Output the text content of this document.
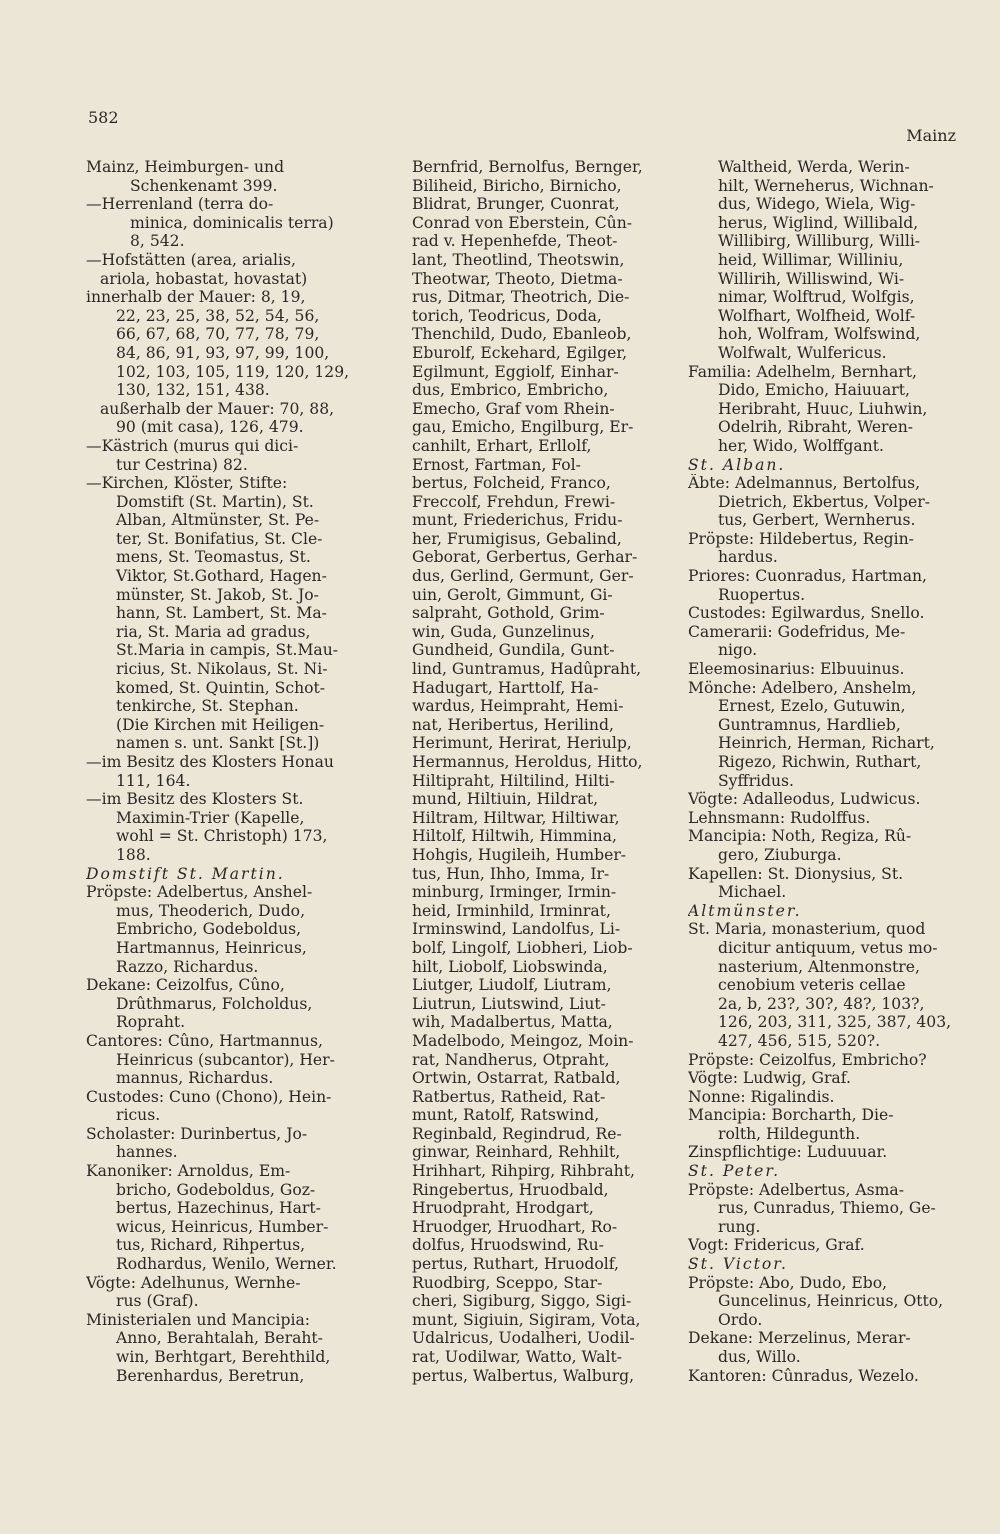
582
Mainz
Mainz, Heimburgen- und
Schenkenamt 399.
—Herrenland (terra do-
minica, dominicalis terra)
8, 542.
—Hofstätten (area, arialis,
ariola, hobastat, hovastat)
innerhalb der Mauer: 8, 19,
22, 23, 25, 38, 52, 54, 56,
66, 67, 68, 70, 77, 78, 79,
84, 86, 91, 93, 97, 99, 100,
102, 103, 105, 119, 120, 129,
130, 132, 151, 438.
außerhalb der Mauer: 70, 88,
90 (mit casa), 126, 479.
—Kästrich (murus qui dici-
tur Cestrina) 82.
—Kirchen, Klöster, Stifte:
Domstift (St. Martin), St.
Alban, Altmünster, St. Pe-
ter, St. Bonifatius, St. Cle-
mens, St. Teomastus, St.
Viktor, St.Gothard, Hagen-
münster, St. Jakob, St. Jo-
hann, St. Lambert, St. Ma-
ria, St. Maria ad gradus,
St.Maria in campis, St.Mau-
ricius, St. Nikolaus, St. Ni-
komed, St. Quintin, Schot-
tenkirche, St. Stephan.
(Die Kirchen mit Heiligen-
namen s. unt. Sankt [St.])
—im Besitz des Klosters Honau
111, 164.
—im Besitz des Klosters St.
Maximin-Trier (Kapelle,
wohl = St. Christoph) 173,
188.
Domstift St. Martin.
Pröpste: Adelbertus, Anshel-
mus, Theoderich, Dudo,
Embricho, Godeboldus,
Hartmannus, Heinricus,
Razzo, Richardus.
Dekane: Ceizolfus, Cûno,
Drûthmarus, Folcholdus,
Ropraht.
Cantores: Cûno, Hartmannus,
Heinricus (subcantor), Her-
mannus, Richardus.
Custodes: Cuno (Chono), Hein-
ricus.
Scholaster: Durinbertus, Jo-
hannes.
Kanoniker: Arnoldus, Em-
bricho, Godeboldus, Goz-
bertus, Hazechinus, Hart-
wicus, Heinricus, Humber-
tus, Richard, Rihpertus,
Rodhardus, Wenilo, Werner.
Vögte: Adelhunus, Wernhe-
rus (Graf).
Ministerialen und Mancipia:
Anno, Berahtalah, Beraht-
win, Berhtgart, Berehthild,
Berenhardus, Beretrun,
Bernfrid, Bernolfus, Bernger,
Biliheid, Biricho, Birnicho,
Blidrat, Brunger, Cuonrat,
Conrad von Eberstein, Cûn-
rad v. Hepenhefde, Theot-
lant, Theotlind, Theotswin,
Theotwar, Theoto, Dietma-
rus, Ditmar, Theotrich, Die-
torich, Teodricus, Doda,
Thenchild, Dudo, Ebanleob,
Eburolf, Eckehard, Egilger,
Egilmunt, Eggiolf, Einhar-
dus, Embrico, Embricho,
Emecho, Graf vom Rhein-
gau, Emicho, Engilburg, Er-
canhilt, Erhart, Erllolf,
Ernost, Fartman, Fol-
bertus, Folcheid, Franco,
Freccolf, Frehdun, Frewi-
munt, Friederichus, Fridu-
her, Frumigisus, Gebalind,
Geborat, Gerbertus, Gerhar-
dus, Gerlind, Germunt, Ger-
uin, Gerolt, Gimmunt, Gi-
salpraht, Gothold, Grim-
win, Guda, Gunzelinus,
Gundheid, Gundila, Gunt-
lind, Guntramus, Hadûpraht,
Hadugart, Harttolf, Ha-
wardus, Heimpraht, Hemi-
nat, Heribertus, Herilind,
Herimunt, Herirat, Heriulp,
Hermannus, Heroldus, Hitto,
Hiltipraht, Hiltilind, Hilti-
mund, Hiltiuin, Hildrat,
Hiltram, Hiltwar, Hiltiwar,
Hiltolf, Hiltwih, Himmina,
Hohgis, Hugileih, Humber-
tus, Hun, Ihho, Imma, Ir-
minburg, Irminger, Irmin-
heid, Irminhild, Irminrat,
Irminswind, Landolfus, Li-
bolf, Lingolf, Liobheri, Liob-
hilt, Liobolf, Liobswinda,
Liutger, Liudolf, Liutram,
Liutrun, Liutswind, Liut-
wih, Madalbertus, Matta,
Madelbodo, Meingoz, Moin-
rat, Nandherus, Otpraht,
Ortwin, Ostarrat, Ratbald,
Ratbertus, Ratheid, Rat-
munt, Ratolf, Ratswind,
Reginbald, Regindrud, Re-
ginwar, Reinhard, Rehhilt,
Hrihhart, Rihpirg, Rihbraht,
Ringebertus, Hruodbald,
Hruodpraht, Hrodgart,
Hruodger, Hruodhart, Ro-
dolfus, Hruodswind, Ru-
pertus, Ruthart, Hruodolf,
Ruodbirg, Sceppo, Star-
cheri, Sigiburg, Siggo, Sigi-
munt, Sigiuin, Sigiram, Vota,
Udalricus, Uodalheri, Uodil-
rat, Uodilwar, Watto, Walt-
pertus, Walbertus, Walburg,
Waltheid, Werda, Werin-
hilt, Werneherus, Wichnan-
dus, Widego, Wiela, Wig-
herus, Wiglind, Willibald,
Willibirg, Williburg, Willi-
heid, Willimar, Williniu,
Willirih, Williswind, Wi-
nimar, Wolftrud, Wolfgis,
Wolfhart, Wolfheid, Wolf-
hoh, Wolfram, Wolfswind,
Wolfwalt, Wulfericus.
Familia: Adelhelm, Bernhart,
Dido, Emicho, Haiuuart,
Heribraht, Huuc, Liuhwin,
Odelrih, Ribraht, Weren-
her, Wido, Wolffgant.
St. Alban.
Äbte: Adelmannus, Bertolfus,
Dietrich, Ekbertus, Volper-
tus, Gerbert, Wernherus.
Pröpste: Hildebertus, Regin-
hardus.
Priores: Cuonradus, Hartman,
Ruopertus.
Custodes: Egilwardus, Snello.
Camerarii: Godefridus, Me-
nigo.
Eleemosinarius: Elbuuinus.
Mönche: Adelbero, Anshelm,
Ernest, Ezelo, Gutuwin,
Guntramnus, Hardlieb,
Heinrich, Herman, Richart,
Rigezo, Richwin, Ruthart,
Syffridus.
Vögte: Adalleodus, Ludwicus.
Lehnsmann: Rudolffus.
Mancipia: Noth, Regiza, Rû-
gero, Ziuburga.
Kapellen: St. Dionysius, St.
Michael.
Altmünster.
St. Maria, monasterium, quod
dicitur antiquum, vetus mo-
nasterium, Altenmonstre,
cenobium veteris cellae
2a, b, 23?, 30?, 48?, 103?,
126, 203, 311, 325, 387, 403,
427, 456, 515, 520?.
Pröpste: Ceizolfus, Embricho?
Vögte: Ludwig, Graf.
Nonne: Rigalindis.
Mancipia: Borcharth, Die-
rolth, Hildegunth.
Zinspflichtige: Luduuuar.
St. Peter.
Pröpste: Adelbertus, Asma-
rus, Cunradus, Thiemo, Ge-
rung.
Vogt: Fridericus, Graf.
St. Victor.
Pröpste: Abo, Dudo, Ebo,
Guncelinus, Heinricus, Otto,
Ordo.
Dekane: Merzelinus, Merar-
dus, Willo.
Kantoren: Cûnradus, Wezelo.
